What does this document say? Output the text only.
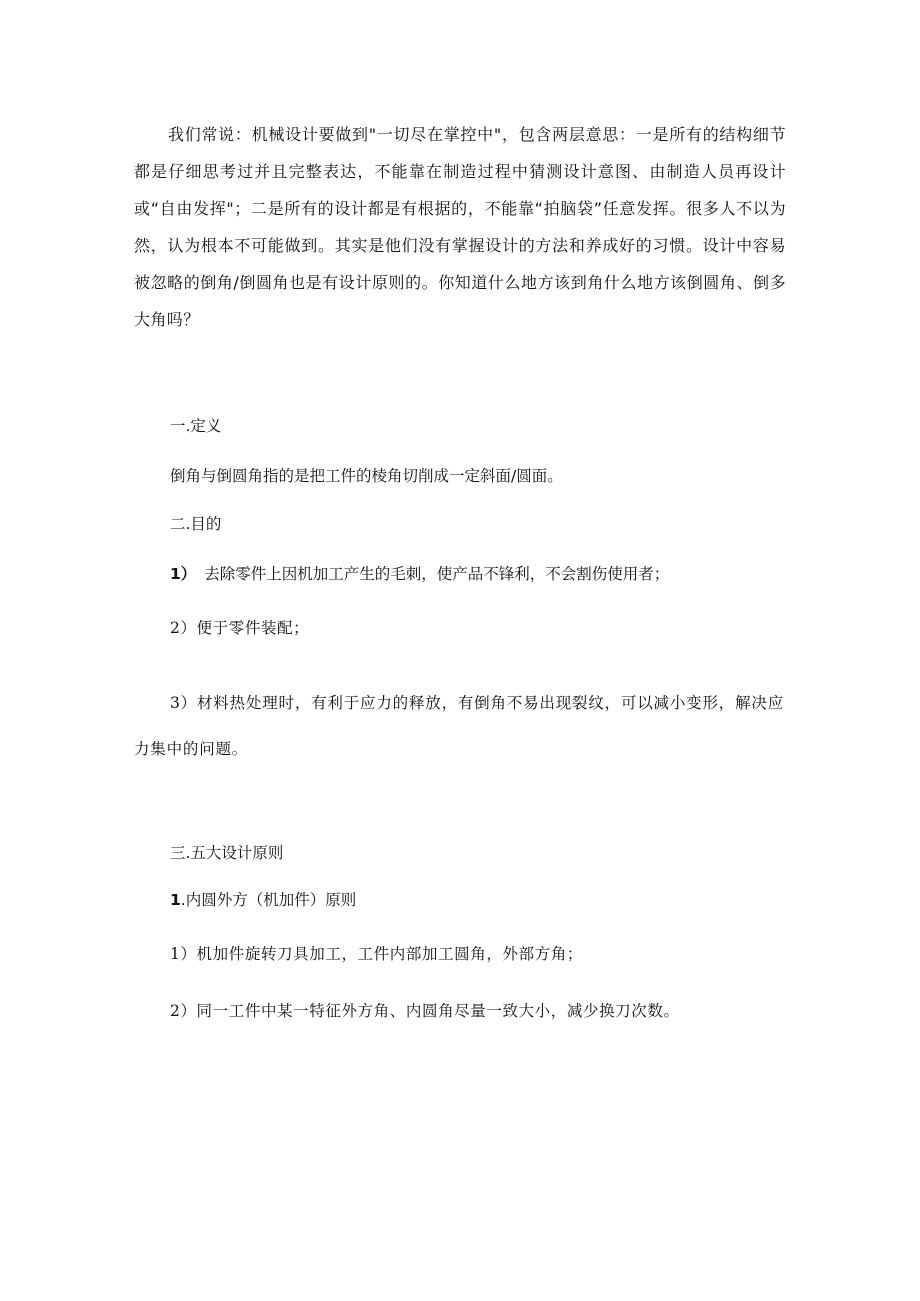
我们常说：机械设计要做到"一切尽在掌控中"，包含两层意思：一是所有的结构细节都是仔细思考过并且完整表达，不能靠在制造过程中猜测设计意图、由制造人员再设计或“自由发挥"；二是所有的设计都是有根据的，不能靠“拍脑袋”任意发挥。很多人不以为然，认为根本不可能做到。其实是他们没有掌握设计的方法和养成好的习惯。设计中容易被忽略的倒角/倒圆角也是有设计原则的。你知道什么地方该到角什么地方该倒圆角、倒多大角吗？

一.定义

倒角与倒圆角指的是把工件的棱角切削成一定斜面/圆面。

二.目的

1） 去除零件上因机加工产生的毛刺，使产品不锋利，不会割伤使用者；

2）便于零件装配；

3）材料热处理时，有利于应力的释放，有倒角不易出现裂纹，可以减小变形，解决应力集中的问题。

三.五大设计原则

1.内圆外方（机加件）原则

1）机加件旋转刀具加工，工件内部加工圆角，外部方角；

2）同一工件中某一特征外方角、内圆角尽量一致大小，减少换刀次数。
